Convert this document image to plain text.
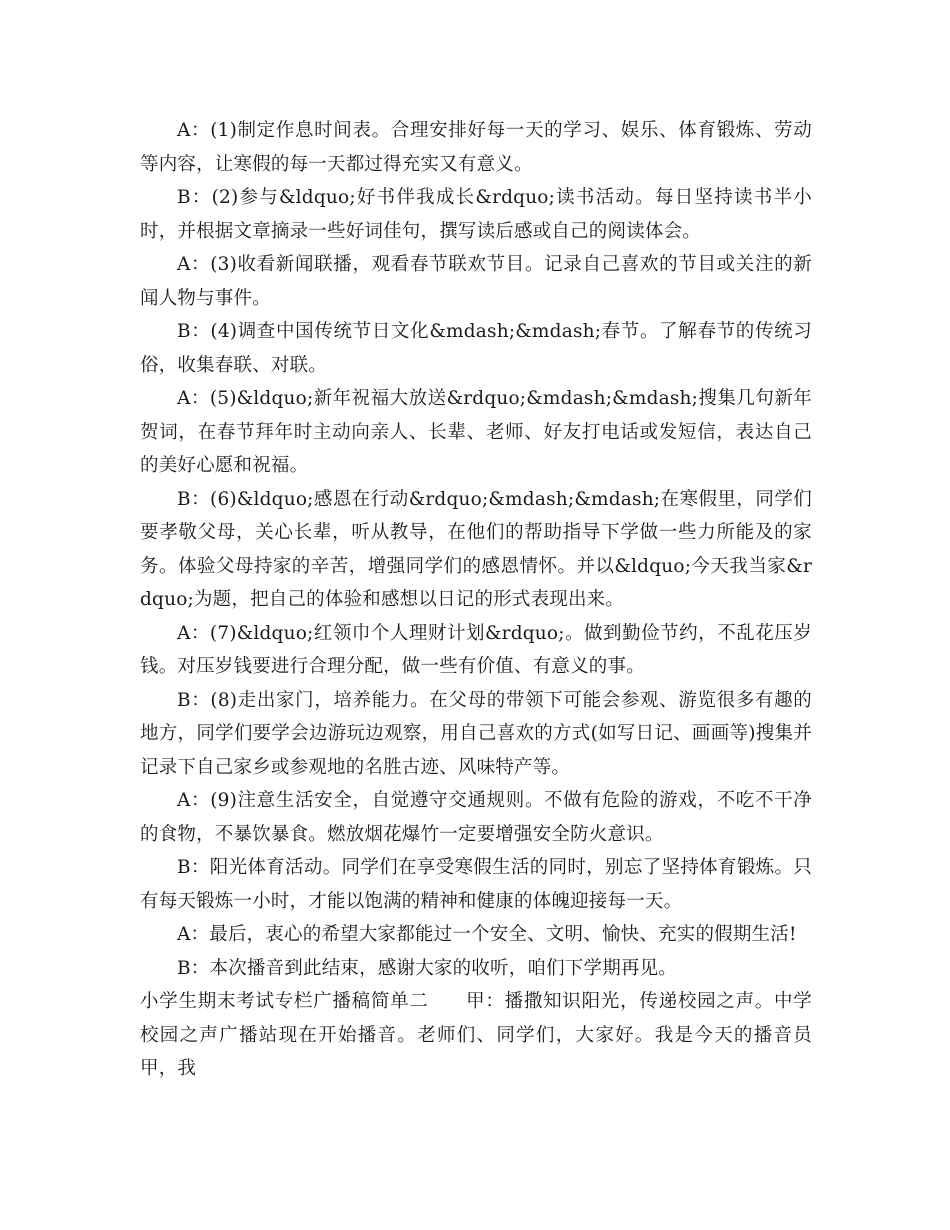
A：(1)制定作息时间表。合理安排好每一天的学习、娱乐、体育锻炼、劳动等内容，让寒假的每一天都过得充实又有意义。

B：(2)参与&ldquo;好书伴我成长&rdquo;读书活动。每日坚持读书半小时，并根据文章摘录一些好词佳句，撰写读后感或自己的阅读体会。

A：(3)收看新闻联播，观看春节联欢节目。记录自己喜欢的节目或关注的新闻人物与事件。

B：(4)调查中国传统节日文化&mdash;&mdash;春节。了解春节的传统习俗，收集春联、对联。

A：(5)&ldquo;新年祝福大放送&rdquo;&mdash;&mdash;搜集几句新年贺词，在春节拜年时主动向亲人、长辈、老师、好友打电话或发短信，表达自己的美好心愿和祝福。

B：(6)&ldquo;感恩在行动&rdquo;&mdash;&mdash;在寒假里，同学们要孝敬父母，关心长辈，听从教导，在他们的帮助指导下学做一些力所能及的家务。体验父母持家的辛苦，增强同学们的感恩情怀。并以&ldquo;今天我当家&rdquo;为题，把自己的体验和感想以日记的形式表现出来。

A：(7)&ldquo;红领巾个人理财计划&rdquo;。做到勤俭节约，不乱花压岁钱。对压岁钱要进行合理分配，做一些有价值、有意义的事。

B：(8)走出家门，培养能力。在父母的带领下可能会参观、游览很多有趣的地方，同学们要学会边游玩边观察，用自己喜欢的方式(如写日记、画画等)搜集并记录下自己家乡或参观地的名胜古迹、风味特产等。

A：(9)注意生活安全，自觉遵守交通规则。不做有危险的游戏，不吃不干净的食物，不暴饮暴食。燃放烟花爆竹一定要增强安全防火意识。

B：阳光体育活动。同学们在享受寒假生活的同时，别忘了坚持体育锻炼。只有每天锻炼一小时，才能以饱满的精神和健康的体魄迎接每一天。

A：最后，衷心的希望大家都能过一个安全、文明、愉快、充实的假期生活!

B：本次播音到此结束，感谢大家的收听，咱们下学期再见。

小学生期末考试专栏广播稿简单二 甲：播撒知识阳光，传递校园之声。中学校园之声广播站现在开始播音。老师们、同学们，大家好。我是今天的播音员甲，我
